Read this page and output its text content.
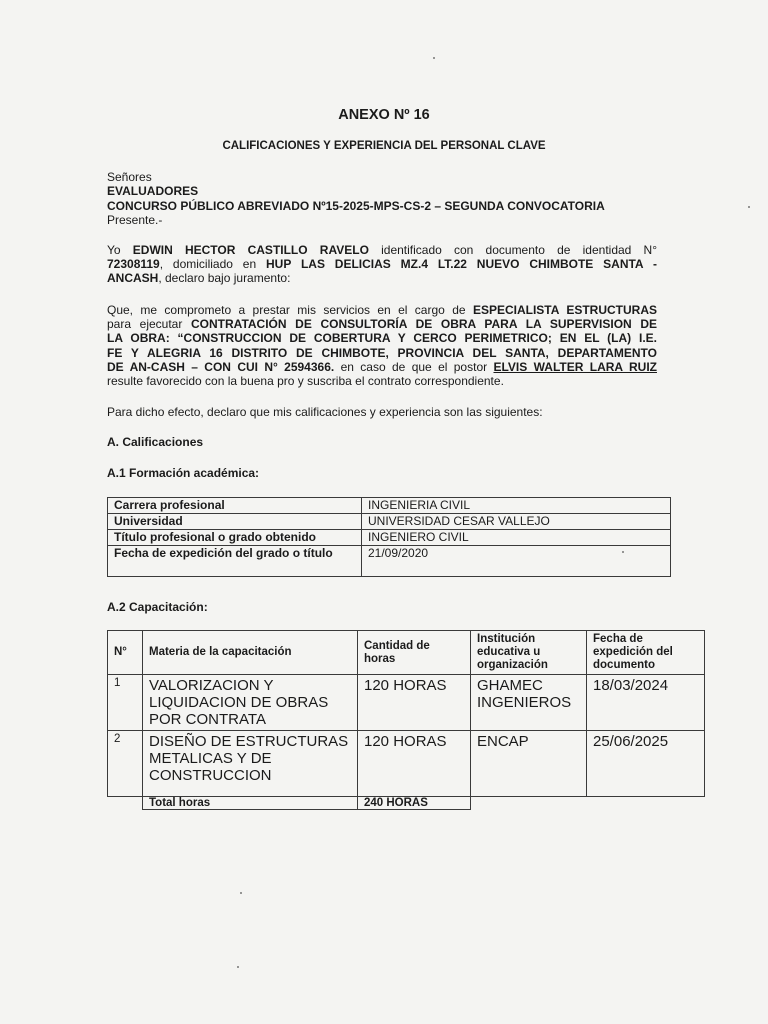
ANEXO Nº 16
CALIFICACIONES Y EXPERIENCIA DEL PERSONAL CLAVE
Señores
EVALUADORES
CONCURSO PÚBLICO ABREVIADO Nº15-2025-MPS-CS-2 – SEGUNDA CONVOCATORIA
Presente.-
Yo EDWIN HECTOR CASTILLO RAVELO identificado con documento de identidad N°
72308119, domiciliado en HUP LAS DELICIAS MZ.4 LT.22 NUEVO CHIMBOTE SANTA -
ANCASH, declaro bajo juramento:
Que, me comprometo a prestar mis servicios en el cargo de ESPECIALISTA ESTRUCTURAS
para ejecutar CONTRATACIÓN DE CONSULTORÍA DE OBRA PARA LA SUPERVISION DE
LA OBRA: “CONSTRUCCION DE COBERTURA Y CERCO PERIMETRICO; EN EL (LA) I.E.
FE Y ALEGRIA 16 DISTRITO DE CHIMBOTE, PROVINCIA DEL SANTA, DEPARTAMENTO
DE AN-CASH – CON CUI N° 2594366. en caso de que el postor ELVIS WALTER LARA RUIZ
resulte favorecido con la buena pro y suscriba el contrato correspondiente.
Para dicho efecto, declaro que mis calificaciones y experiencia son las siguientes:
A. Calificaciones
A.1 Formación académica:
Carrera profesional	INGENIERIA CIVIL
Universidad	UNIVERSIDAD CESAR VALLEJO
Título profesional o grado obtenido	INGENIERO CIVIL
Fecha de expedición del grado o título	21/09/2020
A.2 Capacitación:
N°	Materia de la capacitación	Cantidad de horas	Institución educativa u organización	Fecha de expedición del documento
1	VALORIZACION Y LIQUIDACION DE OBRAS POR CONTRATA	120 HORAS	GHAMEC INGENIEROS	18/03/2024
2	DISEÑO DE ESTRUCTURAS METALICAS Y DE CONSTRUCCION	120 HORAS	ENCAP	25/06/2025
	Total horas	240 HORAS		
